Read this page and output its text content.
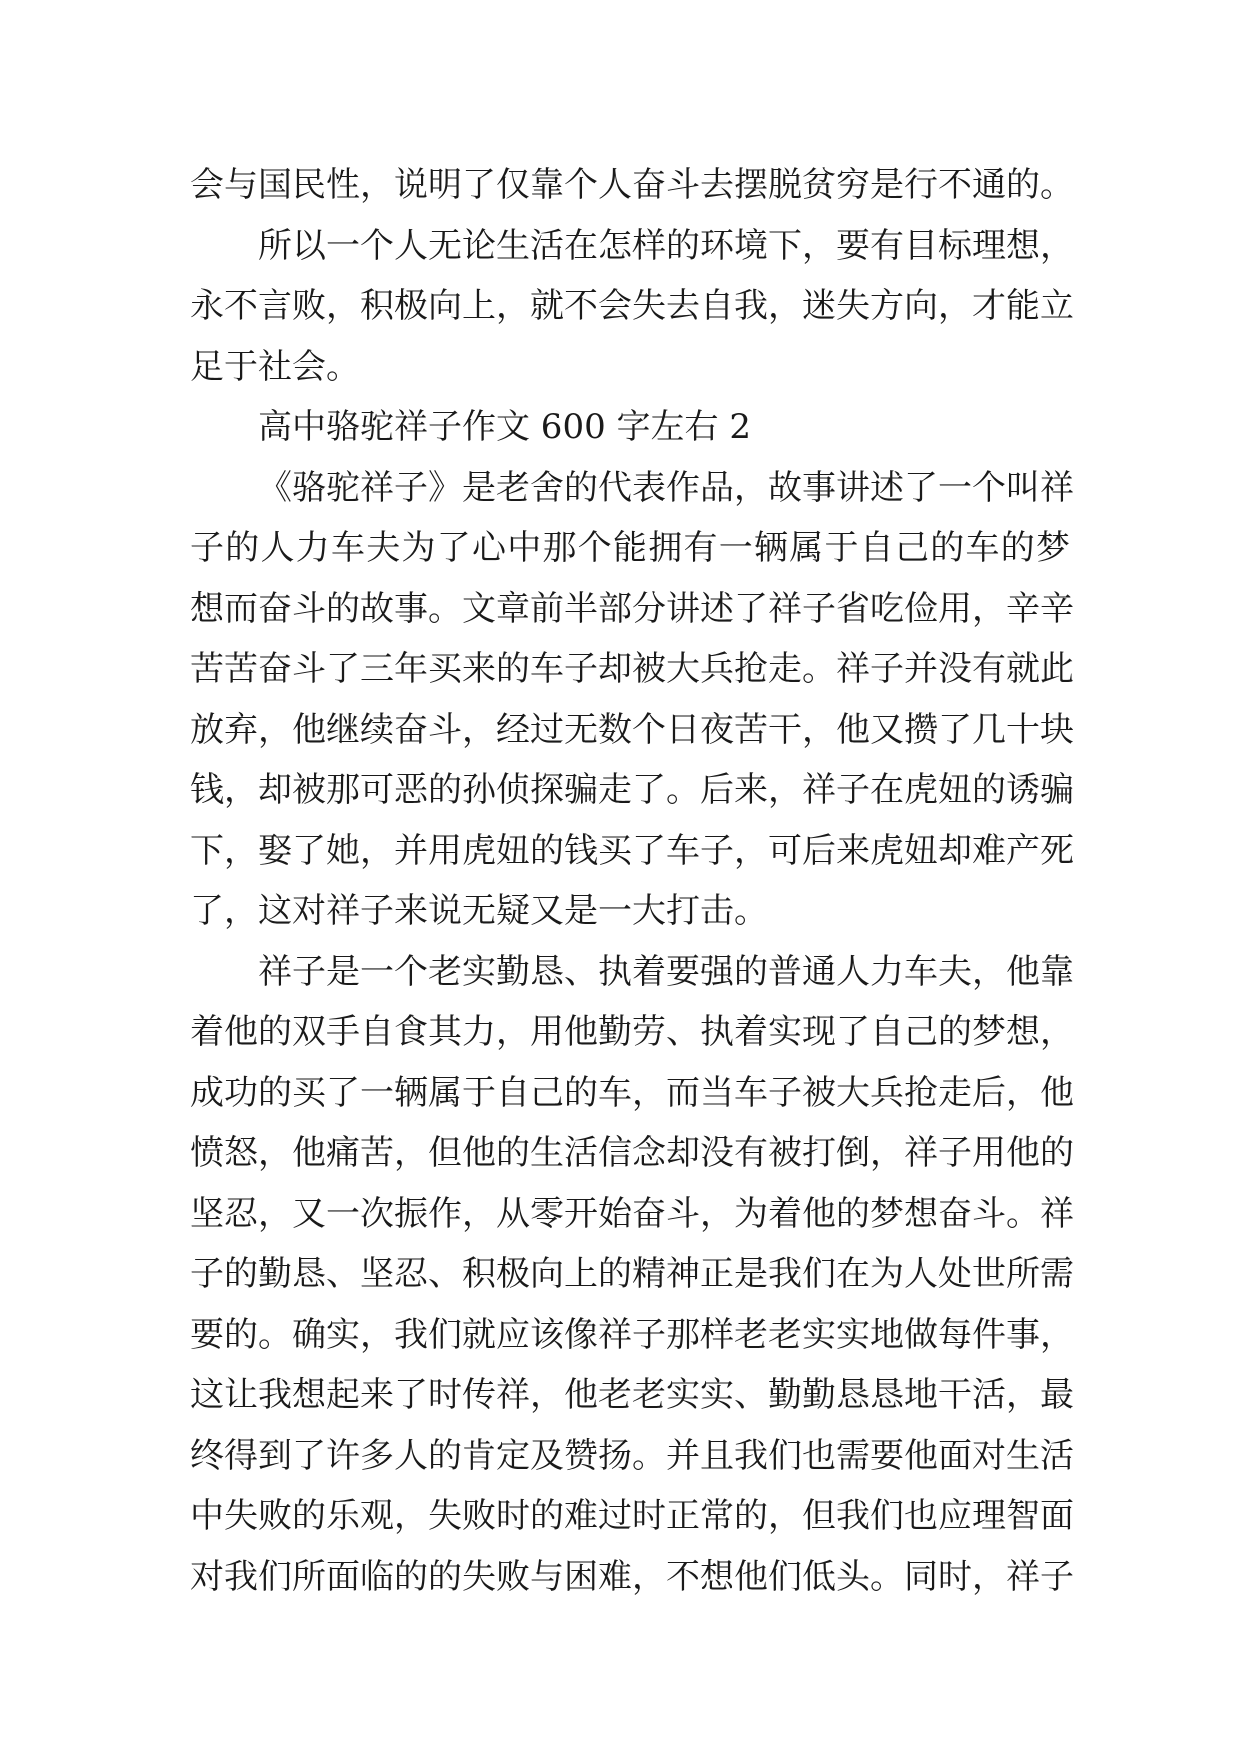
会与国民性，说明了仅靠个人奋斗去摆脱贫穷是行不通的。
所以一个人无论生活在怎样的环境下，要有目标理想，
永不言败，积极向上，就不会失去自我，迷失方向，才能立
足于社会。
高中骆驼祥子作文 600 字左右 2
《骆驼祥子》是老舍的代表作品，故事讲述了一个叫祥
子的人力车夫为了心中那个能拥有一辆属于自己的车的梦
想而奋斗的故事。文章前半部分讲述了祥子省吃俭用，辛辛
苦苦奋斗了三年买来的车子却被大兵抢走。祥子并没有就此
放弃，他继续奋斗，经过无数个日夜苦干，他又攒了几十块
钱，却被那可恶的孙侦探骗走了。后来，祥子在虎妞的诱骗
下，娶了她，并用虎妞的钱买了车子，可后来虎妞却难产死
了，这对祥子来说无疑又是一大打击。
祥子是一个老实勤恳、执着要强的普通人力车夫，他靠
着他的双手自食其力，用他勤劳、执着实现了自己的梦想，
成功的买了一辆属于自己的车，而当车子被大兵抢走后，他
愤怒，他痛苦，但他的生活信念却没有被打倒，祥子用他的
坚忍，又一次振作，从零开始奋斗，为着他的梦想奋斗。祥
子的勤恳、坚忍、积极向上的精神正是我们在为人处世所需
要的。确实，我们就应该像祥子那样老老实实地做每件事，
这让我想起来了时传祥，他老老实实、勤勤恳恳地干活，最
终得到了许多人的肯定及赞扬。并且我们也需要他面对生活
中失败的乐观，失败时的难过时正常的，但我们也应理智面
对我们所面临的的失败与困难，不想他们低头。同时，祥子
